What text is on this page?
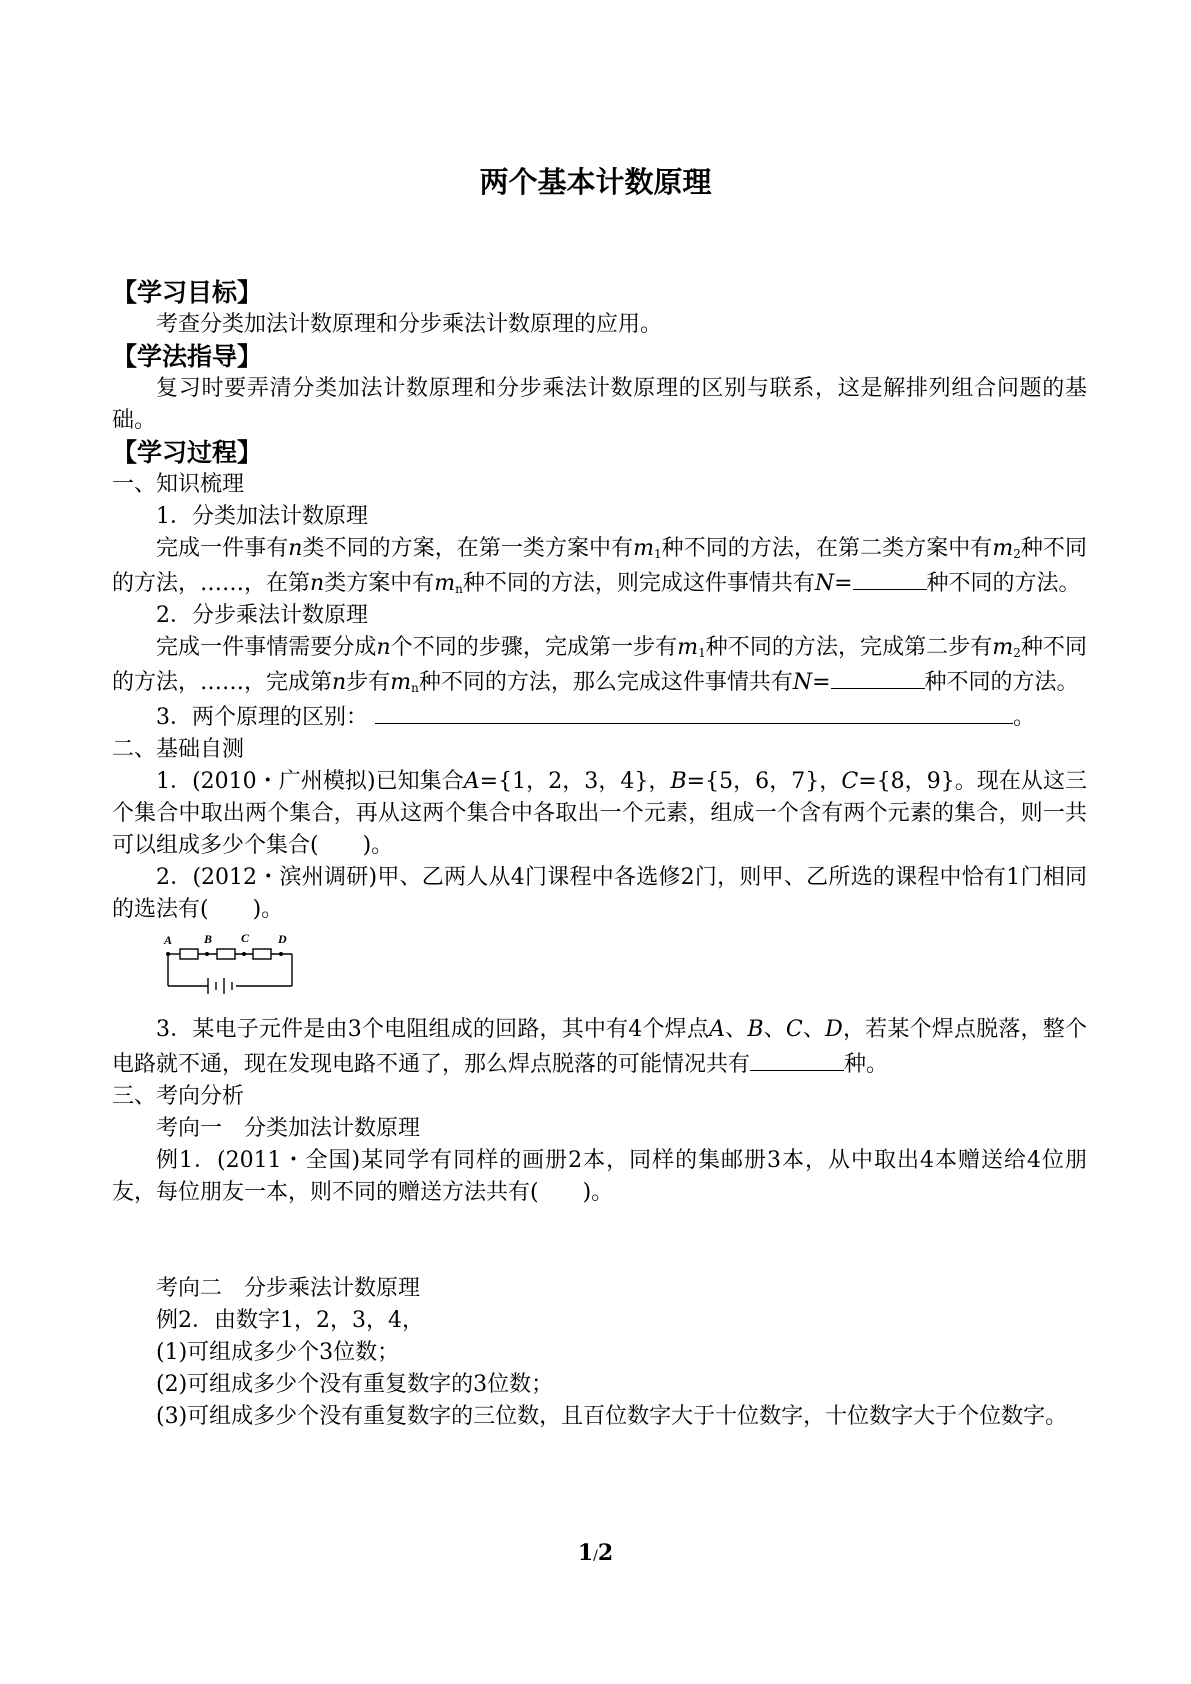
两个基本计数原理

【学习目标】

考查分类加法计数原理和分步乘法计数原理的应用。

【学法指导】

复习时要弄清分类加法计数原理和分步乘法计数原理的区别与联系，这是解排列组合问题的基础。

【学习过程】

一、知识梳理

1．分类加法计数原理

完成一件事有n类不同的方案，在第一类方案中有$m_1$种不同的方法，在第二类方案中有$m_2$种不同的方法，……，在第n类方案中有$m_n$种不同的方法，则完成这件事情共有N=	种不同的方法。

2．分步乘法计数原理

完成一件事情需要分成n个不同的步骤，完成第一步有$m_1$种不同的方法，完成第二步有$m_2$种不同的方法，……，完成第n步有$m_n$种不同的方法，那么完成这件事情共有N=	种不同的方法。

3．两个原理的区别：	。

二、基础自测

1．(2010・广州模拟)已知集合A={1，2，3，4}，B={5，6，7}，C={8，9}。现在从这三个集合中取出两个集合，再从这两个集合中各取出一个元素，组成一个含有两个元素的集合，则一共可以组成多少个集合(　　)。

2．(2012・滨州调研)甲、乙两人从4门课程中各选修2门，则甲、乙所选的课程中恰有1门相同的选法有(　　)。

A	B C D

3．某电子元件是由3个电阻组成的回路，其中有4个焊点A、B、C、D，若某个焊点脱落，整个电路就不通，现在发现电路不通了，那么焊点脱落的可能情况共有	种。

三、考向分析

考向一　分类加法计数原理

例1．(2011・全国)某同学有同样的画册2本，同样的集邮册3本，从中取出4本赠送给4位朋友，每位朋友一本，则不同的赠送方法共有(　　)。

考向二　分步乘法计数原理

例2．由数字1，2，3，4，

(1)可组成多少个3位数；

(2)可组成多少个没有重复数字的3位数；

(3)可组成多少个没有重复数字的三位数，且百位数字大于十位数字，十位数字大于个位数字。

1/2
